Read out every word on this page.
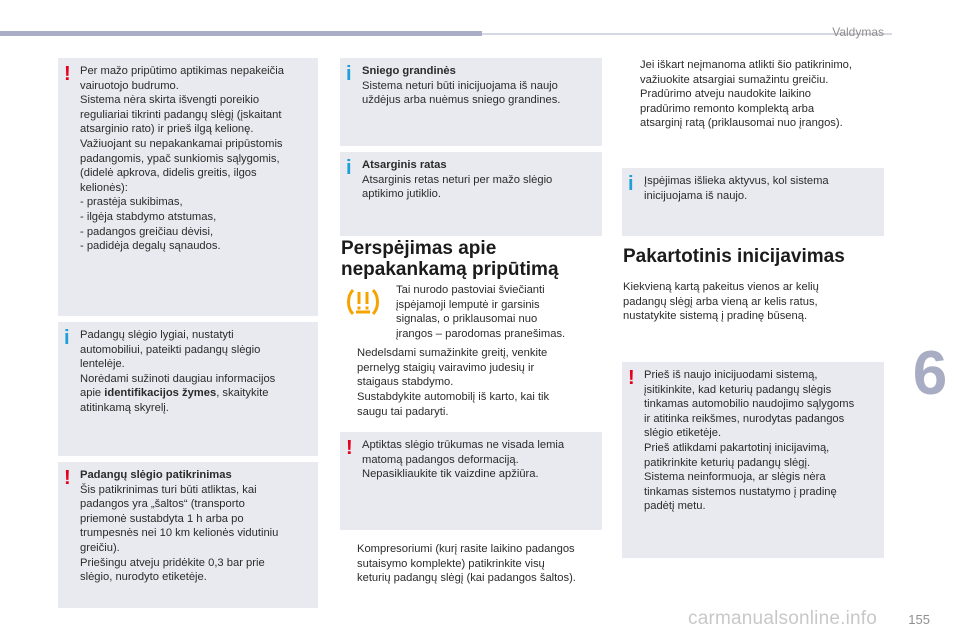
Valdymas
6
! Per mažo pripūtimo aptikimas nepakeičia
vairuotojo budrumo.
Sistema nėra skirta išvengti poreikio
reguliariai tikrinti padangų slėgį (įskaitant
atsarginio rato) ir prieš ilgą kelionę.
Važiuojant su nepakankamai pripūstomis
padangomis, ypač sunkiomis sąlygomis,
(didelė apkrova, didelis greitis, ilgos
kelionės):
- prastėja sukibimas,
- ilgėja stabdymo atstumas,
- padangos greičiau dėvisi,
- padidėja degalų sąnaudos.
i Padangų slėgio lygiai, nustatyti
automobiliui, pateikti padangų slėgio
lentelėje.
Norėdami sužinoti daugiau informacijos
apie identifikacijos žymes, skaitykite
atitinkamą skyrelį.
! Padangų slėgio patikrinimas
Šis patikrinimas turi būti atliktas, kai
padangos yra „šaltos“ (transporto
priemonė sustabdyta 1 h arba po
trumpesnės nei 10 km kelionės vidutiniu
greičiu).
Priešingu atveju pridėkite 0,3 bar prie
slėgio, nurodyto etiketėje.
i Sniego grandinės
Sistema neturi būti inicijuojama iš naujo
uždėjus arba nuėmus sniego grandines.
i Atsarginis ratas
Atsarginis retas neturi per mažo slėgio
aptikimo jutiklio.
Perspėjimas apie
nepakankamą pripūtimą
Tai nurodo pastoviai šviečianti
įspėjamoji lemputė ir garsinis
signalas, o priklausomai nuo
įrangos – parodomas pranešimas.
Nedelsdami sumažinkite greitį, venkite
pernelyg staigių vairavimo judesių ir
staigaus stabdymo.
Sustabdykite automobilį iš karto, kai tik
saugu tai padaryti.
! Aptiktas slėgio trūkumas ne visada lemia
matomą padangos deformaciją.
Nepasikliaukite tik vaizdine apžiūra.
Kompresoriumi (kurį rasite laikino padangos
sutaisymo komplekte) patikrinkite visų
keturių padangų slėgį (kai padangos šaltos).
Jei iškart neįmanoma atlikti šio patikrinimo,
važiuokite atsargiai sumažintu greičiu.
Pradūrimo atveju naudokite laikino
pradūrimo remonto komplektą arba
atsarginį ratą (priklausomai nuo įrangos).
i Įspėjimas išlieka aktyvus, kol sistema
inicijuojama iš naujo.
Pakartotinis inicijavimas
Kiekvieną kartą pakeitus vienos ar kelių
padangų slėgį arba vieną ar kelis ratus,
nustatykite sistemą į pradinę būseną.
! Prieš iš naujo inicijuodami sistemą,
įsitikinkite, kad keturių padangų slėgis
tinkamas automobilio naudojimo sąlygoms
ir atitinka reikšmes, nurodytas padangos
slėgio etiketėje.
Prieš atlikdami pakartotinį inicijavimą,
patikrinkite keturių padangų slėgį.
Sistema neinformuoja, ar slėgis nėra
tinkamas sistemos nustatymo į pradinę
padėtį metu.
carmanualsonline.info 155
